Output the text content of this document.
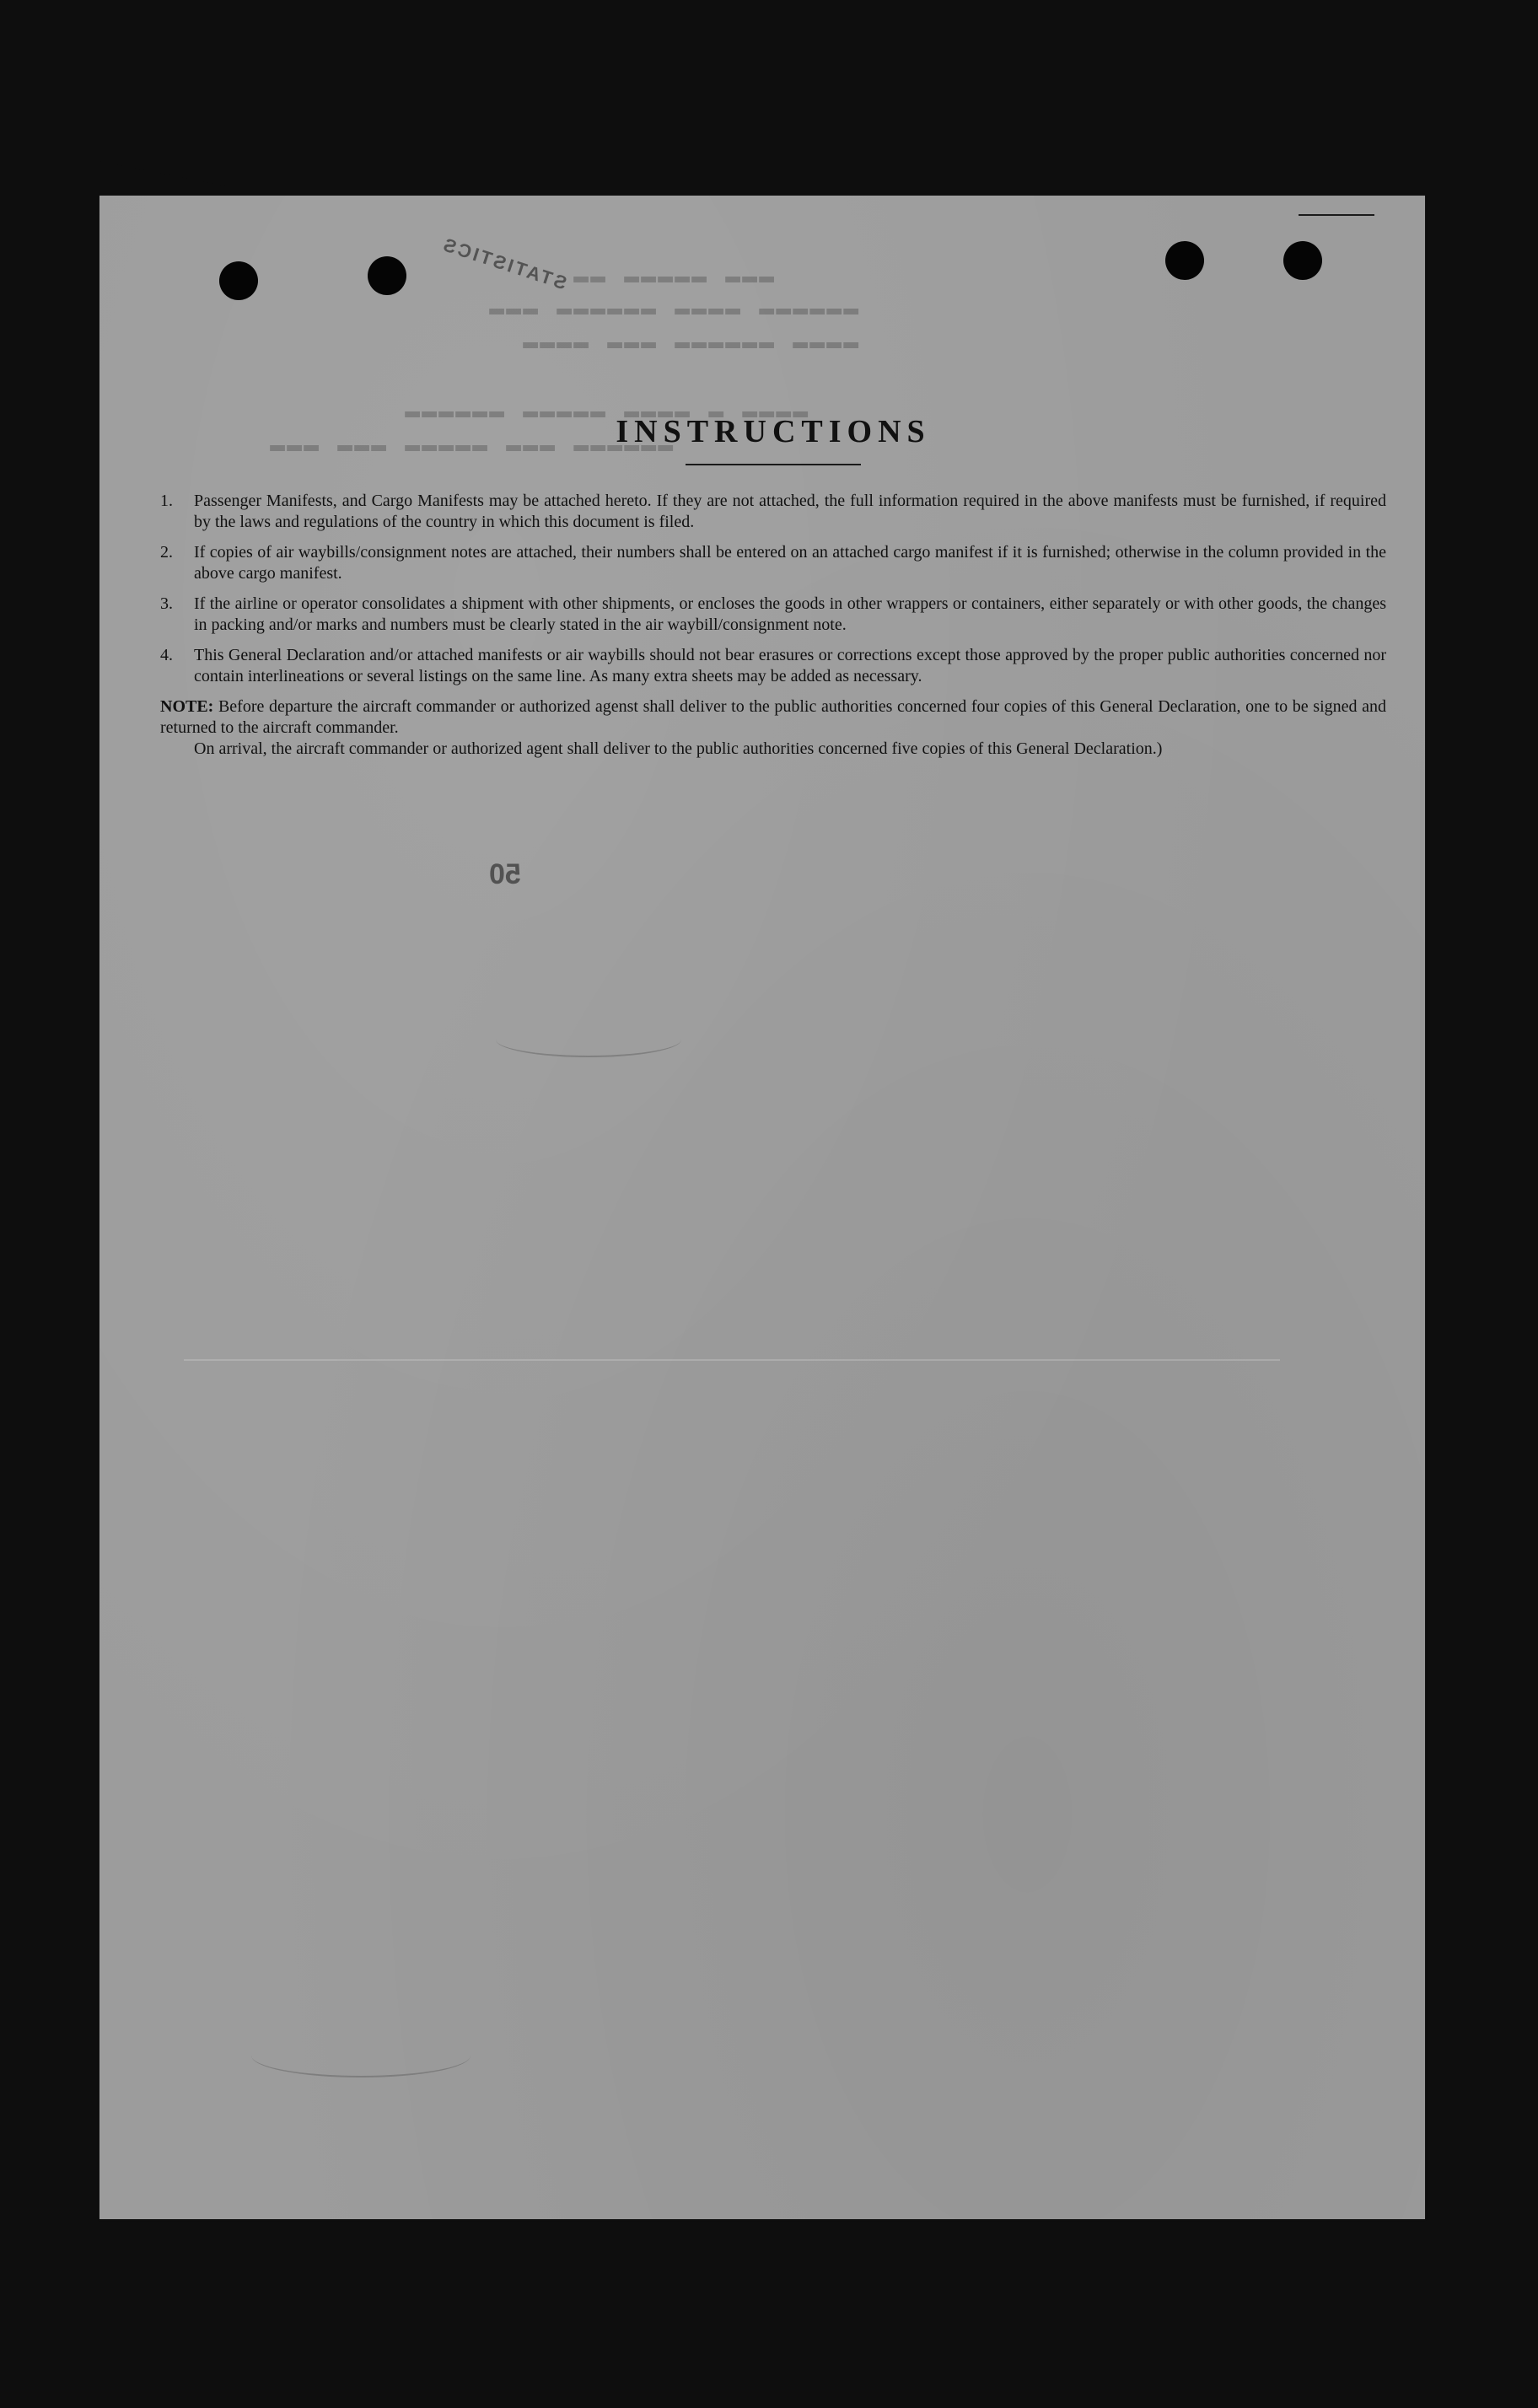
▬▬▬ ▬▬▬▬▬ ▬▬
▬▬▬▬▬▬ ▬▬▬▬ ▬▬▬▬▬▬ ▬▬▬
▬▬▬▬ ▬▬▬▬▬▬ ▬▬▬ ▬▬▬▬
▬▬▬▬ ▬ ▬▬▬▬ ▬▬▬▬▬ ▬▬▬▬▬▬
▬▬▬▬▬▬ ▬▬▬ ▬▬▬▬▬ ▬▬▬ ▬▬▬
STATISTICS
INSTRUCTIONS
1.	Passenger Manifests, and Cargo Manifests may be attached hereto. If they are not attached, the full information required in the above manifests must be furnished, if required by the laws and regulations of the country in which this document is filed.
2.	If copies of air waybills/consignment notes are attached, their numbers shall be entered on an attached cargo manifest if it is furnished; otherwise in the column provided in the above cargo manifest.
3.	If the airline or operator consolidates a shipment with other shipments, or encloses the goods in other wrappers or containers, either separately or with other goods, the changes in packing and/or marks and numbers must be clearly stated in the air waybill/consignment note.
4.	This General Declaration and/or attached manifests or air waybills should not bear erasures or corrections except those approved by the proper public authorities concerned nor contain interlineations or several listings on the same line. As many extra sheets may be added as necessary.
NOTE: Before departure the aircraft commander or authorized agenst shall deliver to the public authorities concerned four copies of this General Declaration, one to be signed and returned to the aircraft commander.
On arrival, the aircraft commander or authorized agent shall deliver to the public authorities concerned five copies of this General Declaration.)
50
